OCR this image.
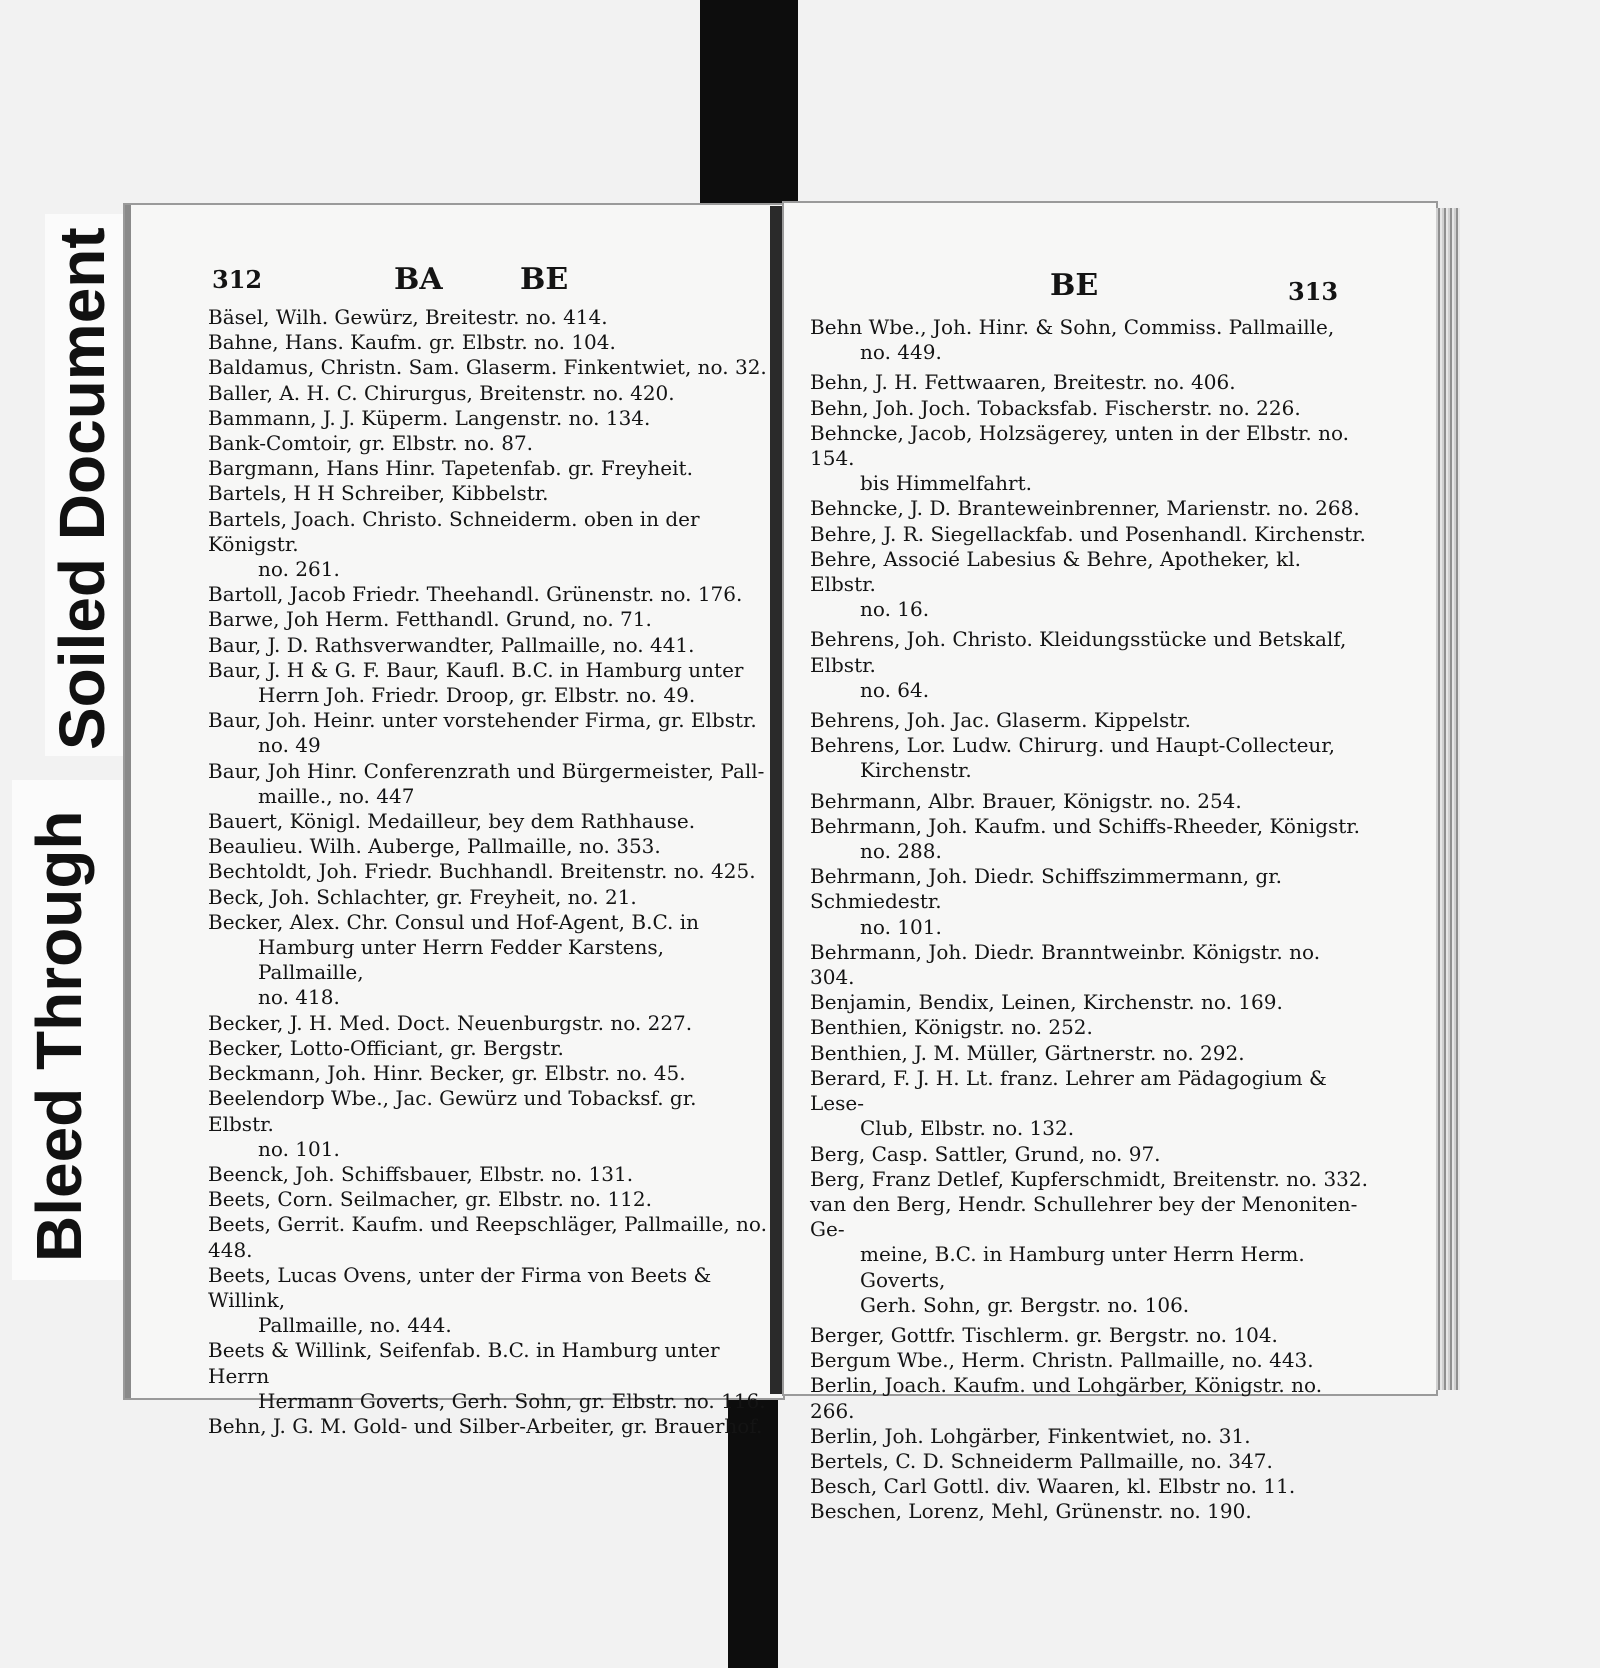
Soiled Document
Bleed Through
312	BA	BE	BE	313
Bäsel, Wilh. Gewürz, Breitestr. no. 414.
Bahne, Hans. Kaufm. gr. Elbstr. no. 104.
Baldamus, Christn. Sam. Glaserm. Finkentwiet, no. 32.
Baller, A. H. C. Chirurgus, Breitenstr. no. 420.
Bammann, J. J. Küperm. Langenstr. no. 134.
Bank-Comtoir, gr. Elbstr. no. 87.
Bargmann, Hans Hinr. Tapetenfab. gr. Freyheit.
Bartels, H H Schreiber, Kibbelstr.
Bartels, Joach. Christo. Schneiderm. oben in der Königstr.
no. 261.
Bartoll, Jacob Friedr. Theehandl. Grünenstr. no. 176.
Barwe, Joh Herm. Fetthandl. Grund, no. 71.
Baur, J. D. Rathsverwandter, Pallmaille, no. 441.
Baur, J. H & G. F. Baur, Kaufl. B.C. in Hamburg unter
Herrn Joh. Friedr. Droop, gr. Elbstr. no. 49.
Baur, Joh. Heinr. unter vorstehender Firma, gr. Elbstr.
no. 49
Baur, Joh Hinr. Conferenzrath und Bürgermeister, Pall-
maille., no. 447
Bauert, Königl. Medailleur, bey dem Rathhause.
Beaulieu. Wilh. Auberge, Pallmaille, no. 353.
Bechtoldt, Joh. Friedr. Buchhandl. Breitenstr. no. 425.
Beck, Joh. Schlachter, gr. Freyheit, no. 21.
Becker, Alex. Chr. Consul und Hof-Agent, B.C. in
Hamburg unter Herrn Fedder Karstens, Pallmaille,
no. 418.
Becker, J. H. Med. Doct. Neuenburgstr. no. 227.
Becker, Lotto-Officiant, gr. Bergstr.
Beckmann, Joh. Hinr. Becker, gr. Elbstr. no. 45.
Beelendorp Wbe., Jac. Gewürz und Tobacksf. gr. Elbstr.
no. 101.
Beenck, Joh. Schiffsbauer, Elbstr. no. 131.
Beets, Corn. Seilmacher, gr. Elbstr. no. 112.
Beets, Gerrit. Kaufm. und Reepschläger, Pallmaille, no. 448.
Beets, Lucas Ovens, unter der Firma von Beets & Willink,
Pallmaille, no. 444.
Beets & Willink, Seifenfab. B.C. in Hamburg unter Herrn
Hermann Goverts, Gerh. Sohn, gr. Elbstr. no. 116.
Behn, J. G. M. Gold- und Silber-Arbeiter, gr. Brauerhof.
Behn Wbe., Joh. Hinr. & Sohn, Commiss. Pallmaille,
no. 449.
Behn, J. H. Fettwaaren, Breitestr. no. 406.
Behn, Joh. Joch. Tobacksfab. Fischerstr. no. 226.
Behncke, Jacob, Holzsägerey, unten in der Elbstr. no. 154.
bis Himmelfahrt.
Behncke, J. D. Branteweinbrenner, Marienstr. no. 268.
Behre, J. R. Siegellackfab. und Posenhandl. Kirchenstr.
Behre, Associé Labesius & Behre, Apotheker, kl. Elbstr.
no. 16.
Behrens, Joh. Christo. Kleidungsstücke und Betskalf, Elbstr.
no. 64.
Behrens, Joh. Jac. Glaserm. Kippelstr.
Behrens, Lor. Ludw. Chirurg. und Haupt-Collecteur,
Kirchenstr.
Behrmann, Albr. Brauer, Königstr. no. 254.
Behrmann, Joh. Kaufm. und Schiffs-Rheeder, Königstr.
no. 288.
Behrmann, Joh. Diedr. Schiffszimmermann, gr. Schmiedestr.
no. 101.
Behrmann, Joh. Diedr. Branntweinbr. Königstr. no. 304.
Benjamin, Bendix, Leinen, Kirchenstr. no. 169.
Benthien, Königstr. no. 252.
Benthien, J. M. Müller, Gärtnerstr. no. 292.
Berard, F. J. H. Lt. franz. Lehrer am Pädagogium & Lese-
Club, Elbstr. no. 132.
Berg, Casp. Sattler, Grund, no. 97.
Berg, Franz Detlef, Kupferschmidt, Breitenstr. no. 332.
van den Berg, Hendr. Schullehrer bey der Menoniten-Ge-
meine, B.C. in Hamburg unter Herrn Herm. Goverts,
Gerh. Sohn, gr. Bergstr. no. 106.
Berger, Gottfr. Tischlerm. gr. Bergstr. no. 104.
Bergum Wbe., Herm. Christn. Pallmaille, no. 443.
Berlin, Joach. Kaufm. und Lohgärber, Königstr. no. 266.
Berlin, Joh. Lohgärber, Finkentwiet, no. 31.
Bertels, C. D. Schneiderm Pallmaille, no. 347.
Besch, Carl Gottl. div. Waaren, kl. Elbstr no. 11.
Beschen, Lorenz, Mehl, Grünenstr. no. 190.
